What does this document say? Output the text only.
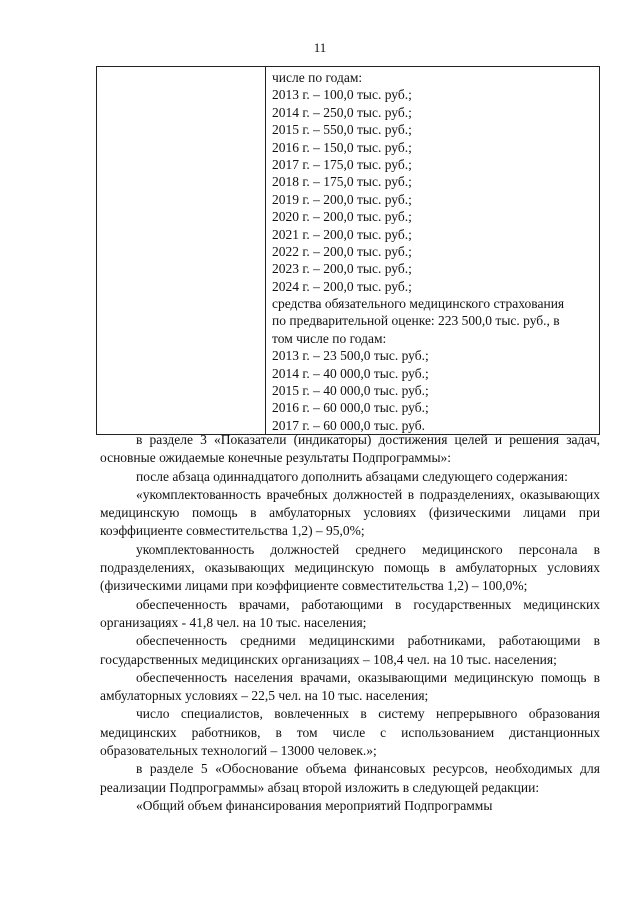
11

числе по годам:
2013 г. – 100,0 тыс. руб.;
2014 г. – 250,0 тыс. руб.;
2015 г. – 550,0 тыс. руб.;
2016 г. – 150,0 тыс. руб.;
2017 г. – 175,0 тыс. руб.;
2018 г. – 175,0 тыс. руб.;
2019 г. – 200,0 тыс. руб.;
2020 г. – 200,0 тыс. руб.;
2021 г. – 200,0 тыс. руб.;
2022 г. – 200,0 тыс. руб.;
2023 г. – 200,0 тыс. руб.;
2024 г. – 200,0 тыс. руб.;
средства обязательного медицинского страхования
по предварительной оценке: 223 500,0 тыс. руб., в
том числе по годам:
2013 г. – 23 500,0 тыс. руб.;
2014 г. – 40 000,0 тыс. руб.;
2015 г. – 40 000,0 тыс. руб.;
2016 г. – 60 000,0 тыс. руб.;
2017 г. – 60 000,0 тыс. руб.

в разделе 3 «Показатели (индикаторы) достижения целей и решения задач, основные ожидаемые конечные результаты Подпрограммы»:

после абзаца одиннадцатого дополнить абзацами следующего содержания:

«укомплектованность врачебных должностей в подразделениях, оказывающих медицинскую помощь в амбулаторных условиях (физическими лицами при коэффициенте совместительства 1,2) – 95,0%;

укомплектованность должностей среднего медицинского персонала в подразделениях, оказывающих медицинскую помощь в амбулаторных условиях (физическими лицами при коэффициенте совместительства 1,2) – 100,0%;

обеспеченность врачами, работающими в государственных медицинских организациях - 41,8 чел. на 10 тыс. населения;

обеспеченность средними медицинскими работниками, работающими в государственных медицинских организациях – 108,4 чел. на 10 тыс. населения;

обеспеченность населения врачами, оказывающими медицинскую помощь в амбулаторных условиях – 22,5 чел. на 10 тыс. населения;

число специалистов, вовлеченных в систему непрерывного образования медицинских работников, в том числе с использованием дистанционных образовательных технологий – 13000 человек.»;

в разделе 5 «Обоснование объема финансовых ресурсов, необходимых для реализации Подпрограммы» абзац второй изложить в следующей редакции:

«Общий объем финансирования мероприятий Подпрограммы
